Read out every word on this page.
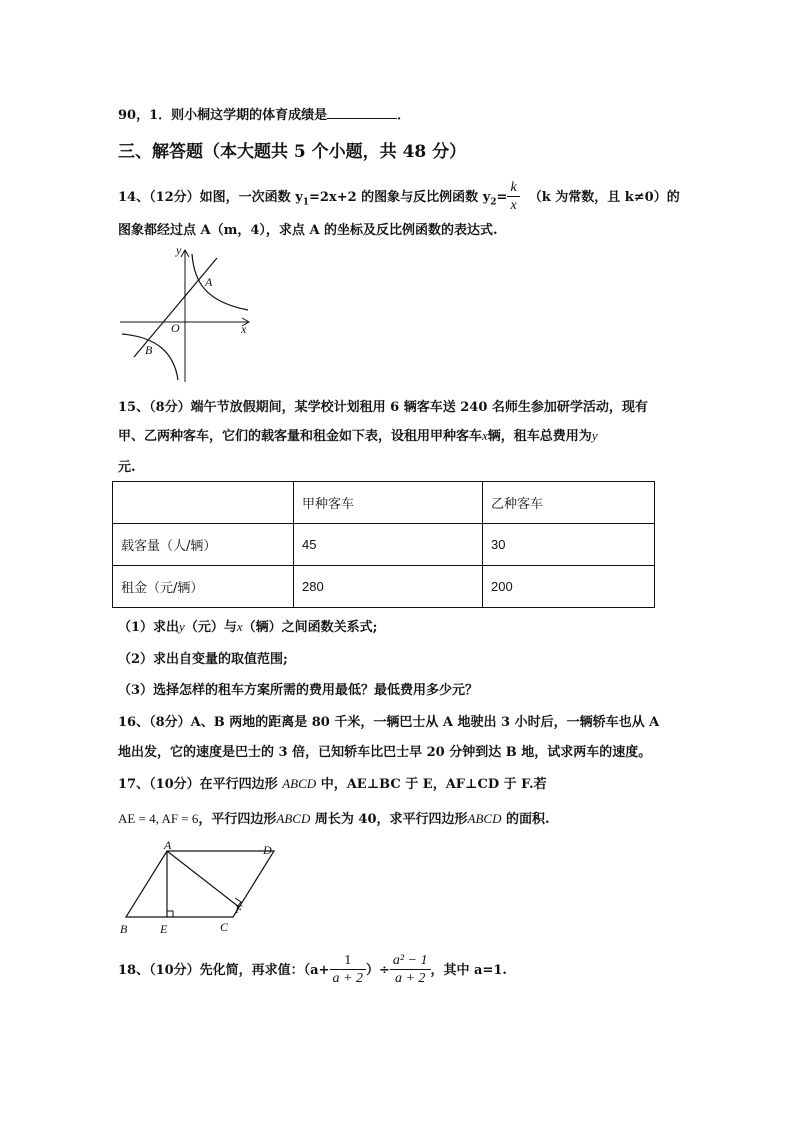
90，1．则小桐这学期的体育成绩是	．
三、解答题（本大题共 5 个小题，共 48 分）
14、（12分）如图，一次函数 $y_1=2x+2$ 的图象与反比例函数 $y_2= \frac{k}{x} (k$ 为常数，且 k≠0）的
图象都经过点 A（m，4），求点 A 的坐标及反比例函数的表达式.
y
x
O
A
B
15、（8分）端午节放假期间，某学校计划租用 6 辆客车送 240 名师生参加研学活动，现有
甲、乙两种客车，它们的载客量和租金如下表，设租用甲种客车x辆，租车总费用为y
元.
	甲种客车	乙种客车
载客量（人/辆）	45	30
租金（元/辆）	280	200
（1）求出y（元）与x（辆）之间函数关系式;
（2）求出自变量的取值范围;
（3）选择怎样的租车方案所需的费用最低？最低费用多少元？
16、（8分）A、B 两地的距离是 80 千米，一辆巴士从 A 地驶出 3 小时后，一辆轿车也从 A
地出发，它的速度是巴士的 3 倍，已知轿车比巴士早 20 分钟到达 B 地，试求两车的速度。
17、（10分）在平行四边形 ABCD 中，AE⊥BC 于 E，AF⊥CD 于 F.若
AE = 4, AF = 6，平行四边形ABCD 周长为 40，求平行四边形ABCD 的面积.
A	D
B	E	C
F
18、（10分）先化简，再求值：（$a+ \frac{1}{a + 2}$ ）÷ $\frac{\text{a² − 1}}{a + 2}$ ，其中 a=1.
